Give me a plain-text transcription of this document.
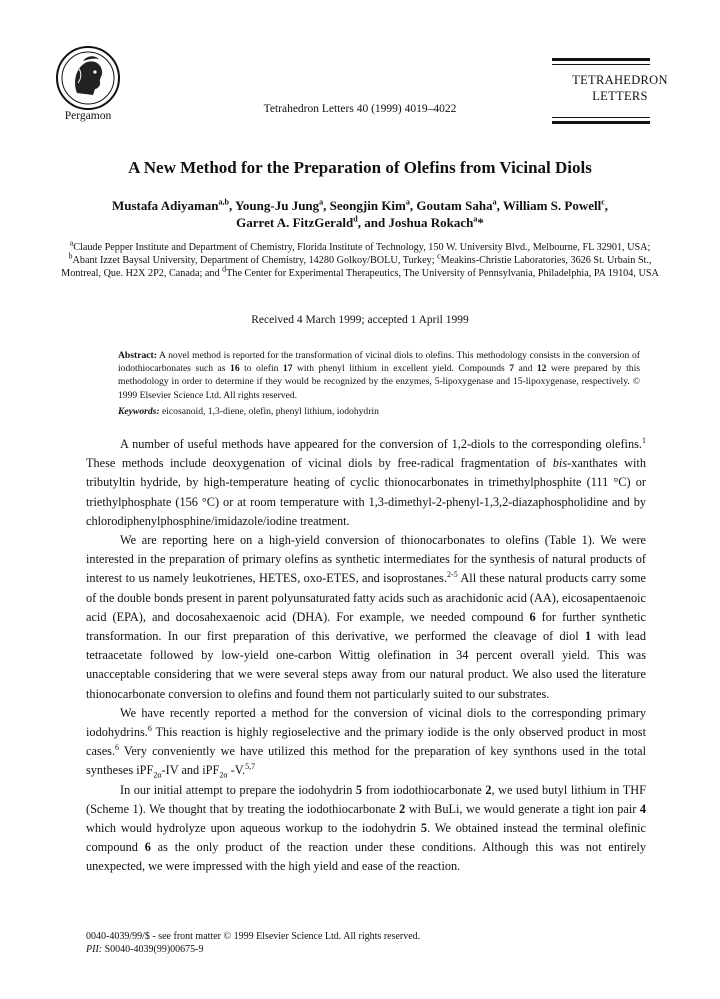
Pergamon
Tetrahedron Letters 40 (1999) 4019–4022
TETRAHEDRON
LETTERS
A New Method for the Preparation of Olefins from Vicinal Diols
Mustafa Adiyaman$^{a,b}$, Young-Ju Jung$^a$, Seongjin Kim$^a$, Goutam Saha$^a$, William S. Powell$^c$,
Garret A. FitzGerald$^d$, and Joshua Rokach$^a$*
$^a$Claude Pepper Institute and Department of Chemistry, Florida Institute of Technology, 150 W. University Blvd., Melbourne, FL 32901, USA; $^b$Abant Izzet Baysal University, Department of Chemistry, 14280 Golkoy/BOLU, Turkey; $^c$Meakins-Christie Laboratories, 3626 St. Urbain St., Montreal, Que. H2X 2P2, Canada; and $^d$The Center for Experimental Therapeutics, The University of Pennsylvania, Philadelphia, PA 19104, USA
Received 4 March 1999; accepted 1 April 1999
Abstract: A novel method is reported for the transformation of vicinal diols to olefins. This methodology consists in the conversion of iodothiocarbonates such as 16 to olefin 17 with phenyl lithium in excellent yield. Compounds 7 and 12 were prepared by this methodology in order to determine if they would be recognized by the enzymes, 5-lipoxygenase and 15-lipoxygenase, respectively. © 1999 Elsevier Science Ltd. All rights reserved.
Keywords: eicosanoid, 1,3-diene, olefin, phenyl lithium, iodohydrin

A number of useful methods have appeared for the conversion of 1,2-diols to the corresponding olefins.$^1$ These methods include deoxygenation of vicinal diols by free-radical fragmentation of bis-xanthates with tributyltin hydride, by high-temperature heating of cyclic thionocarbonates in trimethylphosphite (111 °C) or triethylphosphate (156 °C) or at room temperature with 1,3-dimethyl-2-phenyl-1,3,2-diazaphospholidine and by chlorodiphenylphosphine/imidazole/iodine treatment.

We are reporting here on a high-yield conversion of thionocarbonates to olefins (Table 1). We were interested in the preparation of primary olefins as synthetic intermediates for the synthesis of natural products of interest to us namely leukotrienes, HETES, oxo-ETES, and isoprostanes.$^{2-5}$ All these natural products carry some of the double bonds present in parent polyunsaturated fatty acids such as arachidonic acid (AA), eicosapentaenoic acid (EPA), and docosahexaenoic acid (DHA). For example, we needed compound 6 for further synthetic transformation. In our first preparation of this derivative, we performed the cleavage of diol 1 with lead tetraacetate followed by low-yield one-carbon Wittig olefination in 34 percent overall yield. This was unacceptable considering that we were several steps away from our natural product. We also used the literature thionocarbonate conversion to olefins and found them not particularly suited to our substrates.

We have recently reported a method for the conversion of vicinal diols to the corresponding primary iodohydrins.$^6$ This reaction is highly regioselective and the primary iodide is the only observed product in most cases.$^6$ Very conveniently we have utilized this method for the preparation of key synthons used in the total syntheses iPF$_{2\alpha}$-IV and iPF$_{2\alpha}$ -V.$^{5,7}$

In our initial attempt to prepare the iodohydrin 5 from iodothiocarbonate 2, we used butyl lithium in THF (Scheme 1). We thought that by treating the iodothiocarbonate 2 with BuLi, we would generate a tight ion pair 4 which would hydrolyze upon aqueous workup to the iodohydrin 5. We obtained instead the terminal olefinic compound 6 as the only product of the reaction under these conditions. Although this was not entirely unexpected, we were impressed with the high yield and ease of the reaction.

0040-4039/99/$ - see front matter © 1999 Elsevier Science Ltd. All rights reserved.
PII: S0040-4039(99)00675-9
